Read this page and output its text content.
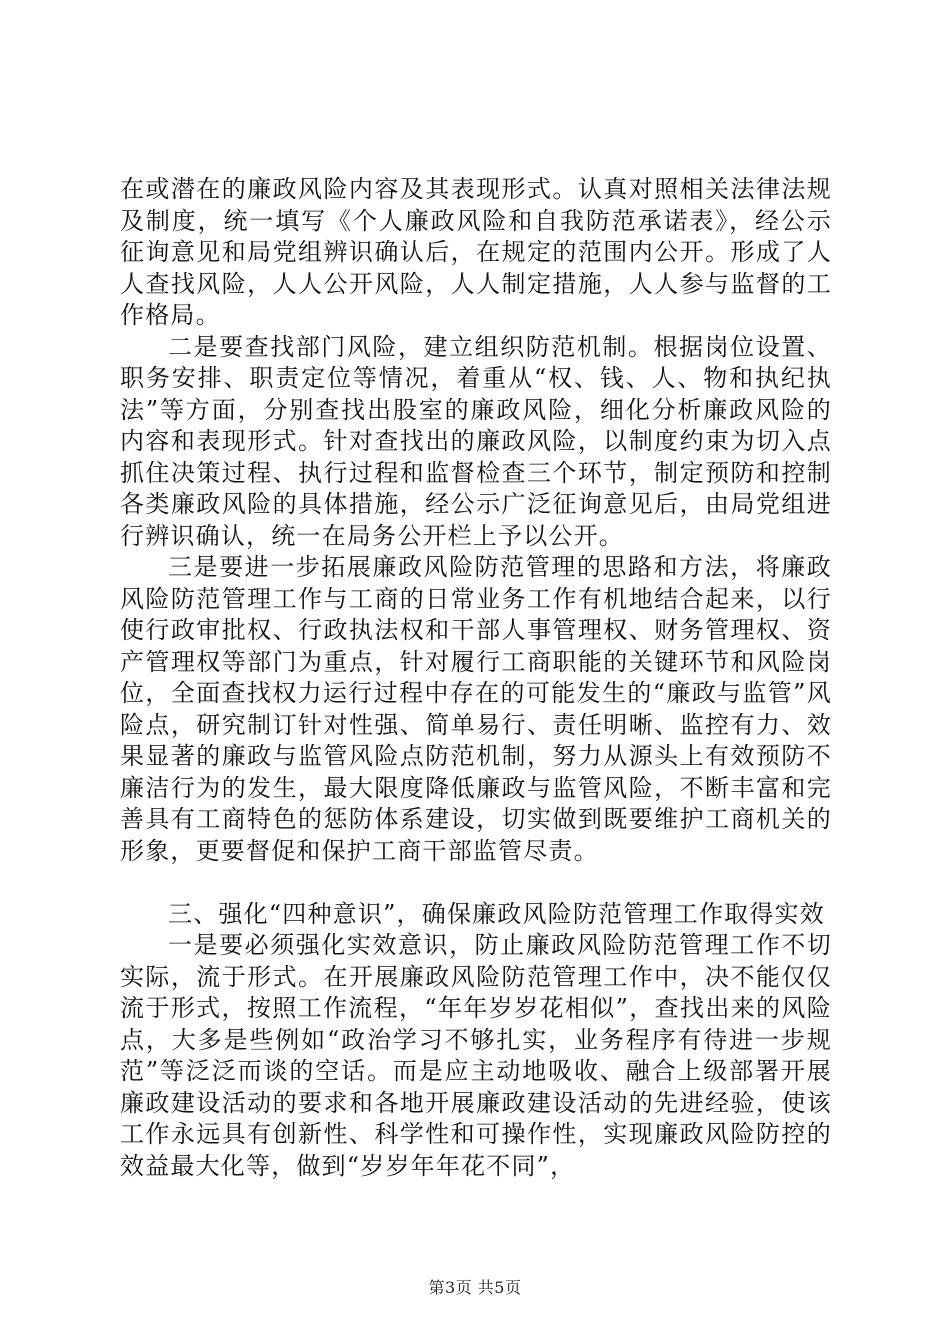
在或潜在的廉政风险内容及其表现形式。认真对照相关法律法规及制度，统一填写《个人廉政风险和自我防范承诺表》，经公示征询意见和局党组辨识确认后，在规定的范围内公开。形成了人人查找风险，人人公开风险，人人制定措施，人人参与监督的工作格局。

二是要查找部门风险，建立组织防范机制。根据岗位设置、职务安排、职责定位等情况，着重从“权、钱、人、物和执纪执法”等方面，分别查找出股室的廉政风险，细化分析廉政风险的内容和表现形式。针对查找出的廉政风险，以制度约束为切入点抓住决策过程、执行过程和监督检查三个环节，制定预防和控制各类廉政风险的具体措施，经公示广泛征询意见后，由局党组进行辨识确认，统一在局务公开栏上予以公开。

三是要进一步拓展廉政风险防范管理的思路和方法，将廉政风险防范管理工作与工商的日常业务工作有机地结合起来，以行使行政审批权、行政执法权和干部人事管理权、财务管理权、资产管理权等部门为重点，针对履行工商职能的关键环节和风险岗位，全面查找权力运行过程中存在的可能发生的“廉政与监管”风险点，研究制订针对性强、简单易行、责任明晰、监控有力、效果显著的廉政与监管风险点防范机制，努力从源头上有效预防不廉洁行为的发生，最大限度降低廉政与监管风险，不断丰富和完善具有工商特色的惩防体系建设，切实做到既要维护工商机关的形象，更要督促和保护工商干部监管尽责。

三、强化“四种意识”，确保廉政风险防范管理工作取得实效

一是要必须强化实效意识，防止廉政风险防范管理工作不切实际，流于形式。在开展廉政风险防范管理工作中，决不能仅仅流于形式，按照工作流程，“年年岁岁花相似”，查找出来的风险点，大多是些例如“政治学习不够扎实，业务程序有待进一步规范”等泛泛而谈的空话。而是应主动地吸收、融合上级部署开展廉政建设活动的要求和各地开展廉政建设活动的先进经验，使该工作永远具有创新性、科学性和可操作性，实现廉政风险防控的效益最大化等，做到“岁岁年年花不同”，

第3页 共5页
